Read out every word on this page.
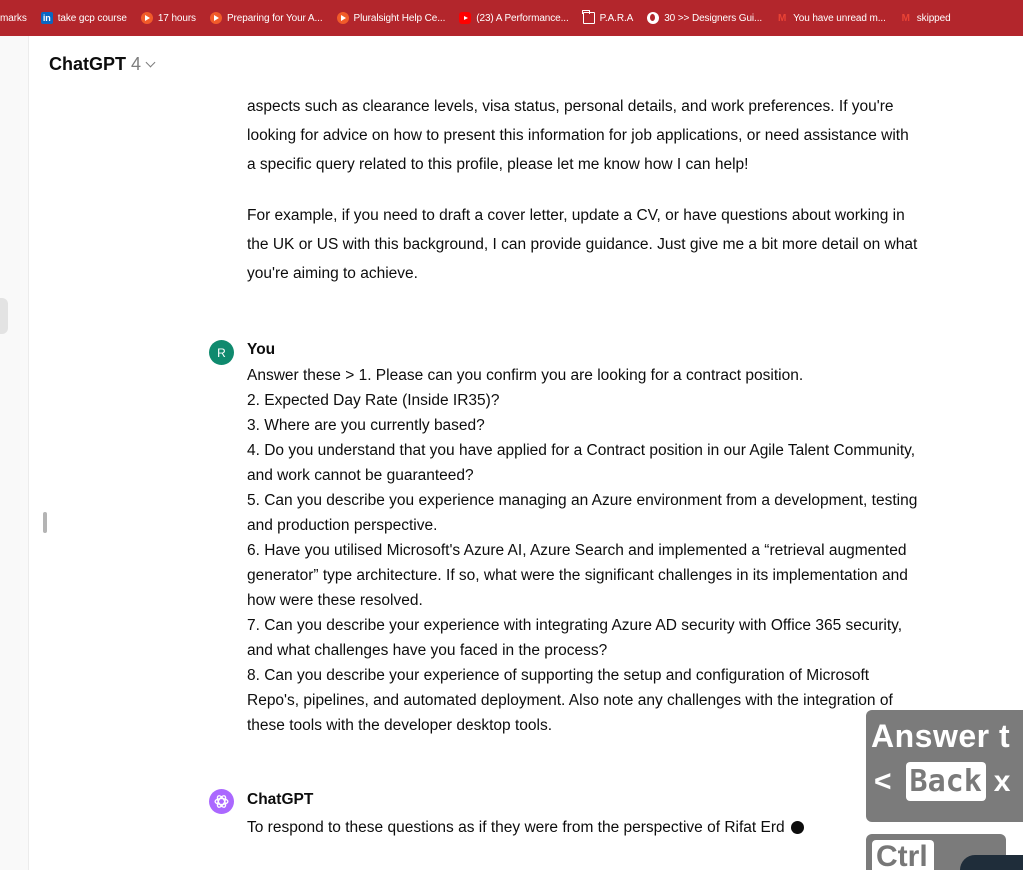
marks in take gcp course	17 hours	Preparing for Your A...	Pluralsight Help Ce...	(23) A Performance...	P.A.R.A	30 >> Designers Gui... M You have unread m... M skipped
ChatGPT 4

aspects such as clearance levels, visa status, personal details, and work preferences. If you're

looking for advice on how to present this information for job applications, or need assistance with

a specific query related to this profile, please let me know how I can help!

For example, if you need to draft a cover letter, update a CV, or have questions about working in

the UK or US with this background, I can provide guidance. Just give me a bit more detail on what

you're aiming to achieve.

R You
Answer these > 1. Please can you confirm you are looking for a contract position.
2. Expected Day Rate (Inside IR35)?
3. Where are you currently based?
4. Do you understand that you have applied for a Contract position in our Agile Talent Community,
and work cannot be guaranteed?
5. Can you describe you experience managing an Azure environment from a development, testing
and production perspective.
6. Have you utilised Microsoft's Azure AI, Azure Search and implemented a “retrieval augmented
generator” type architecture. If so, what were the significant challenges in its implementation and
how were these resolved.
7. Can you describe your experience with integrating Azure AD security with Office 365 security,
and what challenges have you faced in the process?
8. Can you describe your experience of supporting the setup and configuration of Microsoft
Repo's, pipelines, and automated deployment. Also note any challenges with the integration of
these tools with the developer desktop tools.
ChatGPT
To respond to these questions as if they were from the perspective of Rifat Erd
Answer t
< Back x
Ctrl
